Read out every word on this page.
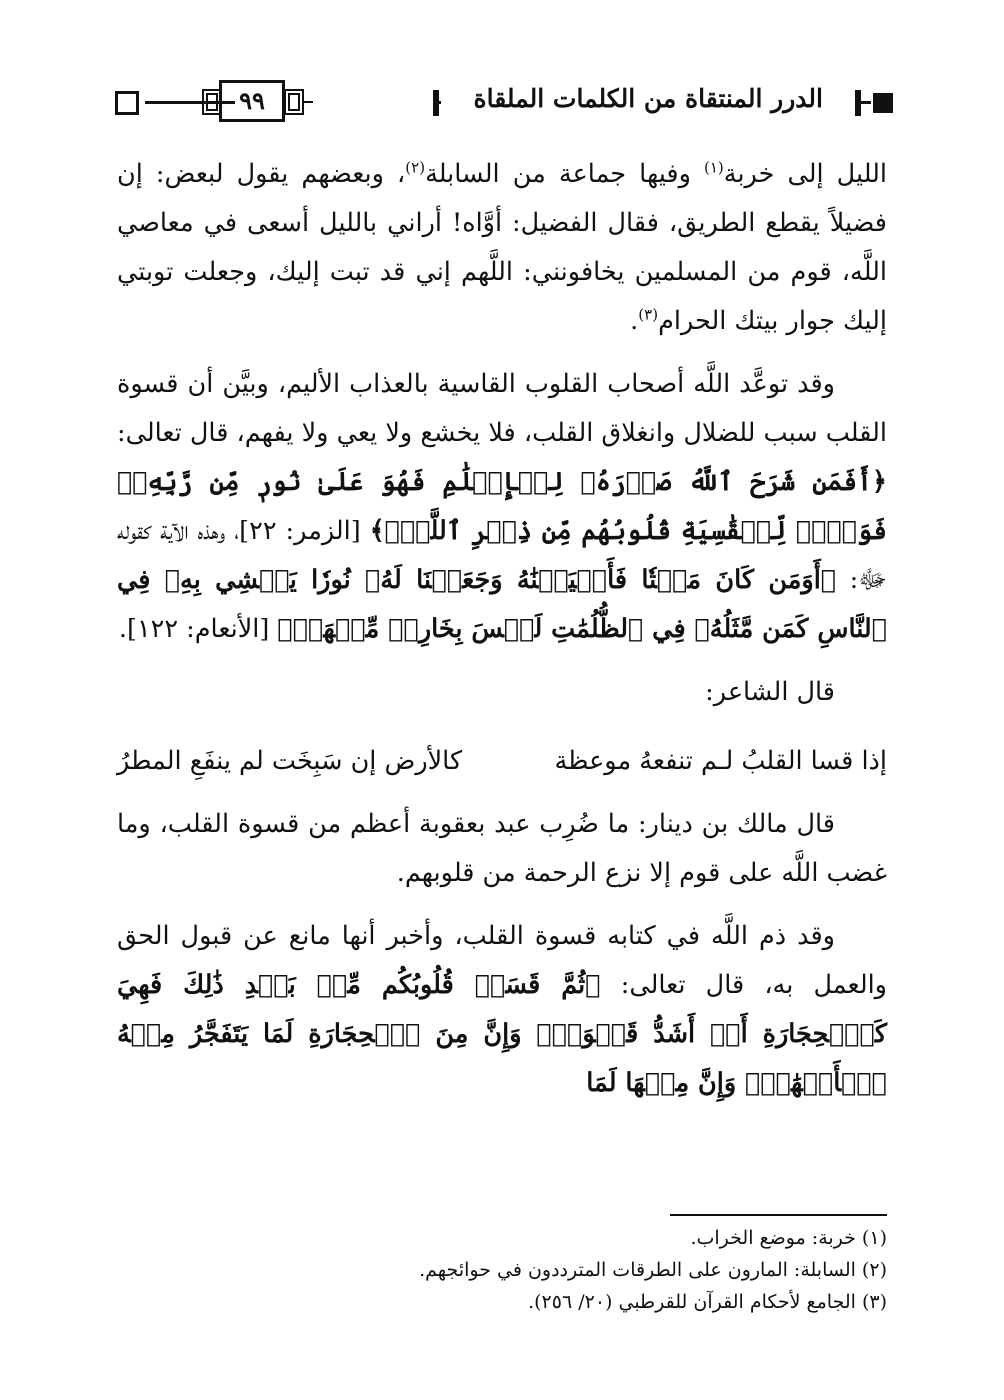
الدرر المنتقاة من الكلمات الملقاة
٩٩

الليل إلى خربة$^{(١)}$ وفيها جماعة من السابلة$^{(٢)}$، وبعضهم يقول لبعض: إن فضيلاً يقطع الطريق، فقال الفضيل: أوَّاه! أراني بالليل أسعى في معاصي اللَّه، قوم من المسلمين يخافونني: اللَّهم إني قد تبت إليك، وجعلت توبتي إليك جوار بيتك الحرام$^{(٣)}$.

وقد توعَّد اللَّه أصحاب القلوب القاسية بالعذاب الأليم، وبيَّن أن قسوة القلب سبب للضلال وانغلاق القلب، فلا يخشع ولا يعي ولا يفهم، قال تعالى: ﴿أَفَمَن شَرَحَ ٱللَّهُ صَدۡرَهُۥ لِلۡإِسۡلَٰمِ فَهُوَ عَلَىٰ نُورٖ مِّن رَّبِّهِۦۚ فَوَيۡلٞ لِّلۡقَٰسِيَةِ قُلُوبُهُم مِّن ذِكۡرِ ٱللَّهِۚ﴾ [الزمر: ٢٢]، وهذه الآية كقوله ﷻ: ﴿أَوَمَن كَانَ مَيۡتٗا فَأَحۡيَيۡنَٰهُ وَجَعَلۡنَا لَهُۥ نُورٗا يَمۡشِي بِهِۦ فِي ٱلنَّاسِ كَمَن مَّثَلُهُۥ فِي ٱلظُّلُمَٰتِ لَيۡسَ بِخَارِجٖ مِّنۡهَاۚ﴾ [الأنعام: ١٢٢].

قال الشاعر:

إذا قسا القلبُ لـم تنفعهُ موعظة
كالأرض إن سَبِخَت لم ينفَعِ المطرُ

قال مالك بن دينار: ما ضُرِب عبد بعقوبة أعظم من قسوة القلب، وما غضب اللَّه على قوم إلا نزع الرحمة من قلوبهم.

وقد ذم اللَّه في كتابه قسوة القلب، وأخبر أنها مانع عن قبول الحق والعمل به، قال تعالى: ﴿ثُمَّ قَسَتۡ قُلُوبُكُم مِّنۢ بَعۡدِ ذَٰلِكَ فَهِيَ كَٱلۡحِجَارَةِ أَوۡ أَشَدُّ قَسۡوَةٗۚ وَإِنَّ مِنَ ٱلۡحِجَارَةِ لَمَا يَتَفَجَّرُ مِنۡهُ ٱلۡأَنۡهَٰرُۚ وَإِنَّ مِنۡهَا لَمَا

(١) خربة: موضع الخراب.
(٢) السابلة: المارون على الطرقات المترددون في حوائجهم.
(٣) الجامع لأحكام القرآن للقرطبي (٢٠/ ٢٥٦).
